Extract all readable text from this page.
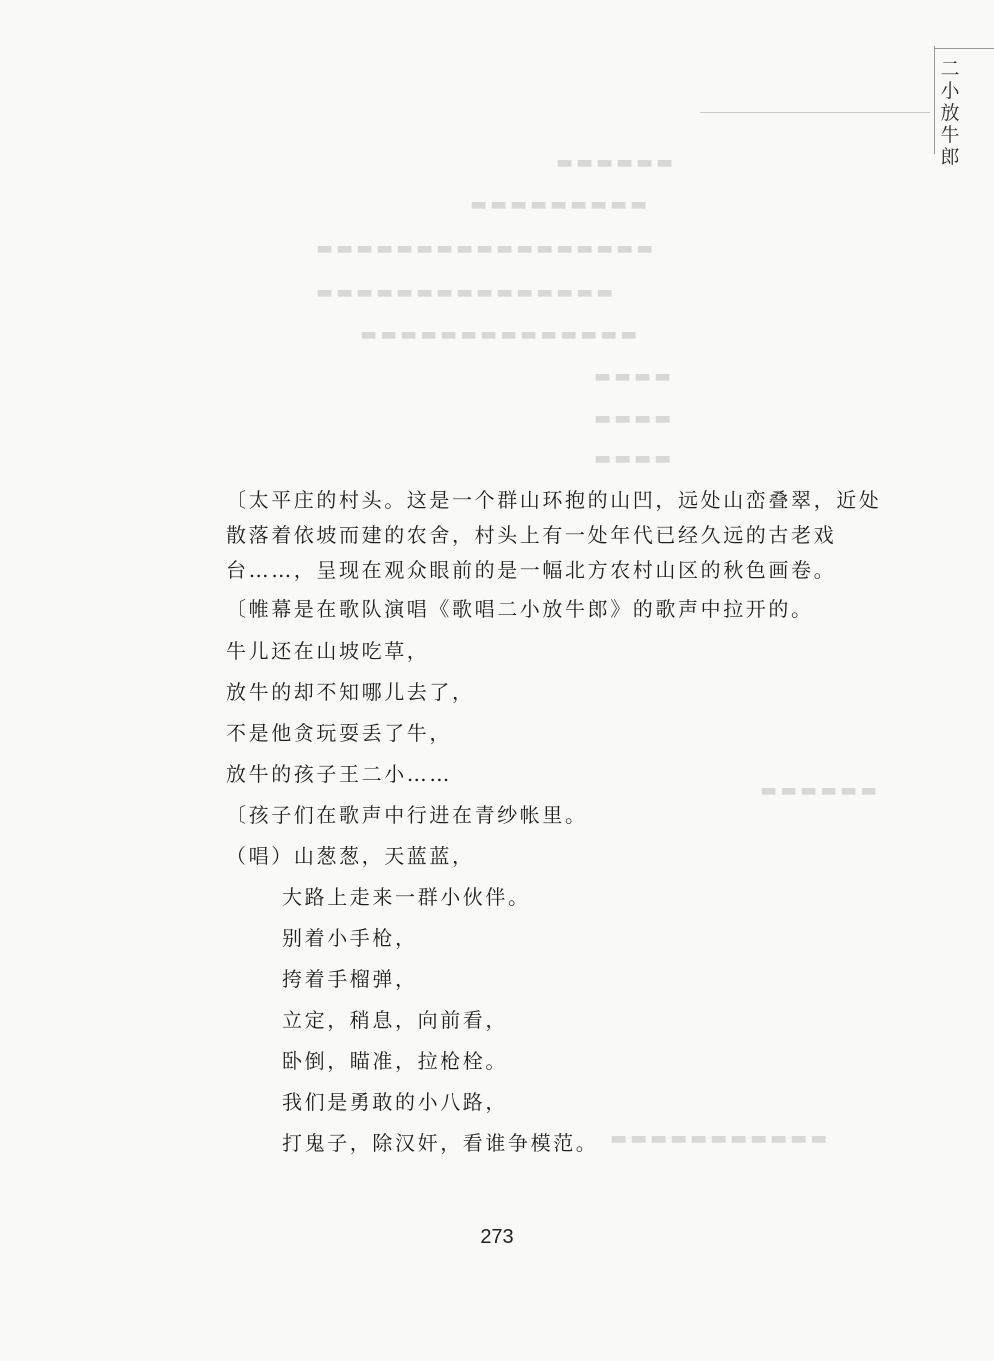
▬▬▬▬▬▬
▬▬▬▬▬▬▬▬▬
▬▬▬▬▬▬▬▬▬▬▬▬▬▬▬▬▬
▬▬▬▬▬▬▬▬▬▬▬▬▬▬▬
▬▬▬▬▬▬▬▬▬▬▬▬▬▬
▬▬▬▬
▬▬▬▬
▬▬▬▬
▬▬▬▬▬▬
▬▬▬▬▬▬▬▬▬▬▬
二小放牛郎

〔太平庄的村头。这是一个群山环抱的山凹，远处山峦叠翠，近处散落着依坡而建的农舍，村头上有一处年代已经久远的古老戏台……，呈现在观众眼前的是一幅北方农村山区的秋色画卷。

〔帷幕是在歌队演唱《歌唱二小放牛郎》的歌声中拉开的。

牛儿还在山坡吃草，
放牛的却不知哪儿去了，
不是他贪玩耍丢了牛，
放牛的孩子王二小……
〔孩子们在歌声中行进在青纱帐里。
（唱）山葱葱，天蓝蓝，
大路上走来一群小伙伴。
别着小手枪，
挎着手榴弹，
立定，稍息，向前看，
卧倒，瞄准，拉枪栓。
我们是勇敢的小八路，
打鬼子，除汉奸，看谁争模范。
273
